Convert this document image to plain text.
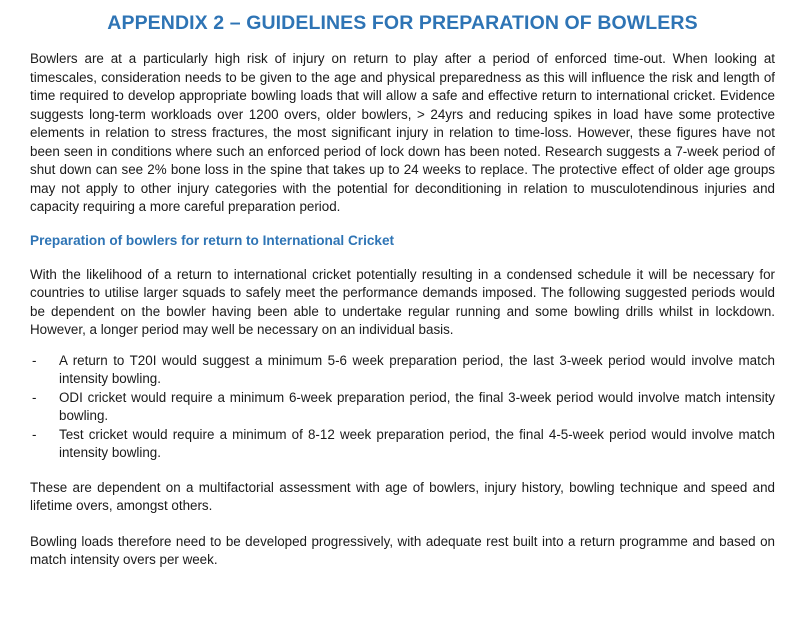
APPENDIX 2 – GUIDELINES FOR PREPARATION OF BOWLERS

Bowlers are at a particularly high risk of injury on return to play after a period of enforced time-out. When looking at timescales, consideration needs to be given to the age and physical preparedness as this will influence the risk and length of time required to develop appropriate bowling loads that will allow a safe and effective return to international cricket. Evidence suggests long-term workloads over 1200 overs, older bowlers, > 24yrs and reducing spikes in load have some protective elements in relation to stress fractures, the most significant injury in relation to time-loss. However, these figures have not been seen in conditions where such an enforced period of lock down has been noted. Research suggests a 7-week period of shut down can see 2% bone loss in the spine that takes up to 24 weeks to replace. The protective effect of older age groups may not apply to other injury categories with the potential for deconditioning in relation to musculotendinous injuries and capacity requiring a more careful preparation period.

Preparation of bowlers for return to International Cricket

With the likelihood of a return to international cricket potentially resulting in a condensed schedule it will be necessary for countries to utilise larger squads to safely meet the performance demands imposed. The following suggested periods would be dependent on the bowler having been able to undertake regular running and some bowling drills whilst in lockdown. However, a longer period may well be necessary on an individual basis.

- A return to T20I would suggest a minimum 5-6 week preparation period, the last 3-week period would involve match intensity bowling.
- ODI cricket would require a minimum 6-week preparation period, the final 3-week period would involve match intensity bowling.
- Test cricket would require a minimum of 8-12 week preparation period, the final 4-5-week period would involve match intensity bowling.

These are dependent on a multifactorial assessment with age of bowlers, injury history, bowling technique and speed and lifetime overs, amongst others.

Bowling loads therefore need to be developed progressively, with adequate rest built into a return programme and based on match intensity overs per week.
